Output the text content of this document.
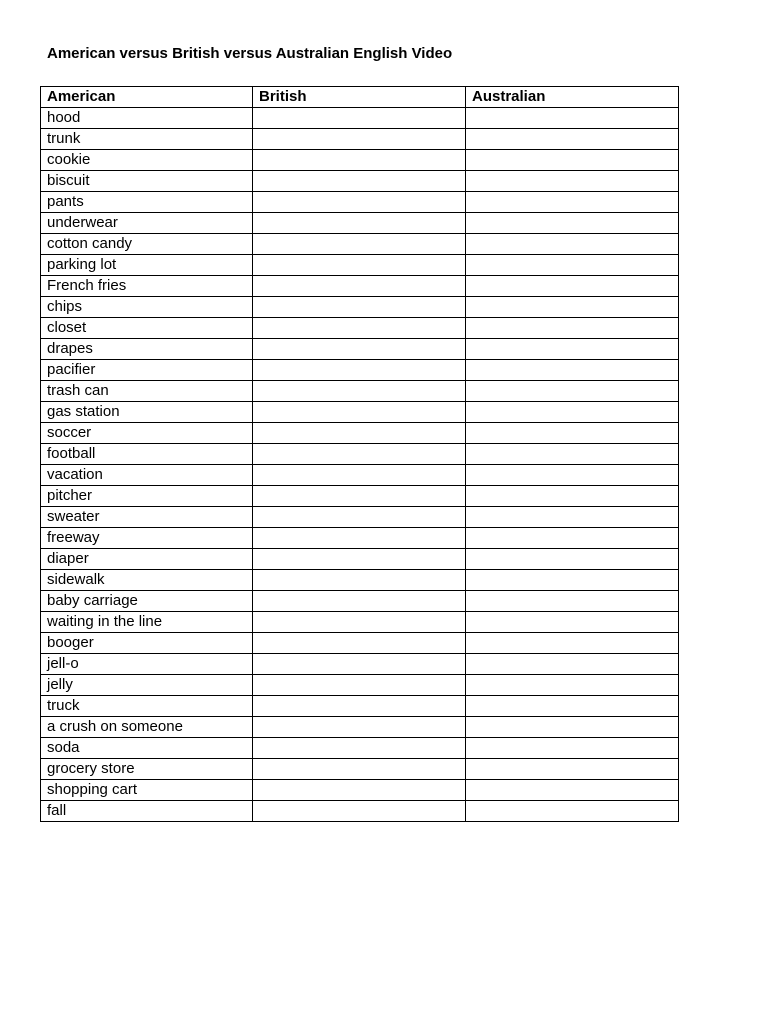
American versus British versus Australian English Video
American	British	Australian
hood		
trunk		
cookie		
biscuit		
pants		
underwear		
cotton candy		
parking lot		
French fries		
chips		
closet		
drapes		
pacifier		
trash can		
gas station		
soccer		
football		
vacation		
pitcher		
sweater		
freeway		
diaper		
sidewalk		
baby carriage		
waiting in the line		
booger		
jell-o		
jelly		
truck		
a crush on someone		
soda		
grocery store		
shopping cart		
fall		
